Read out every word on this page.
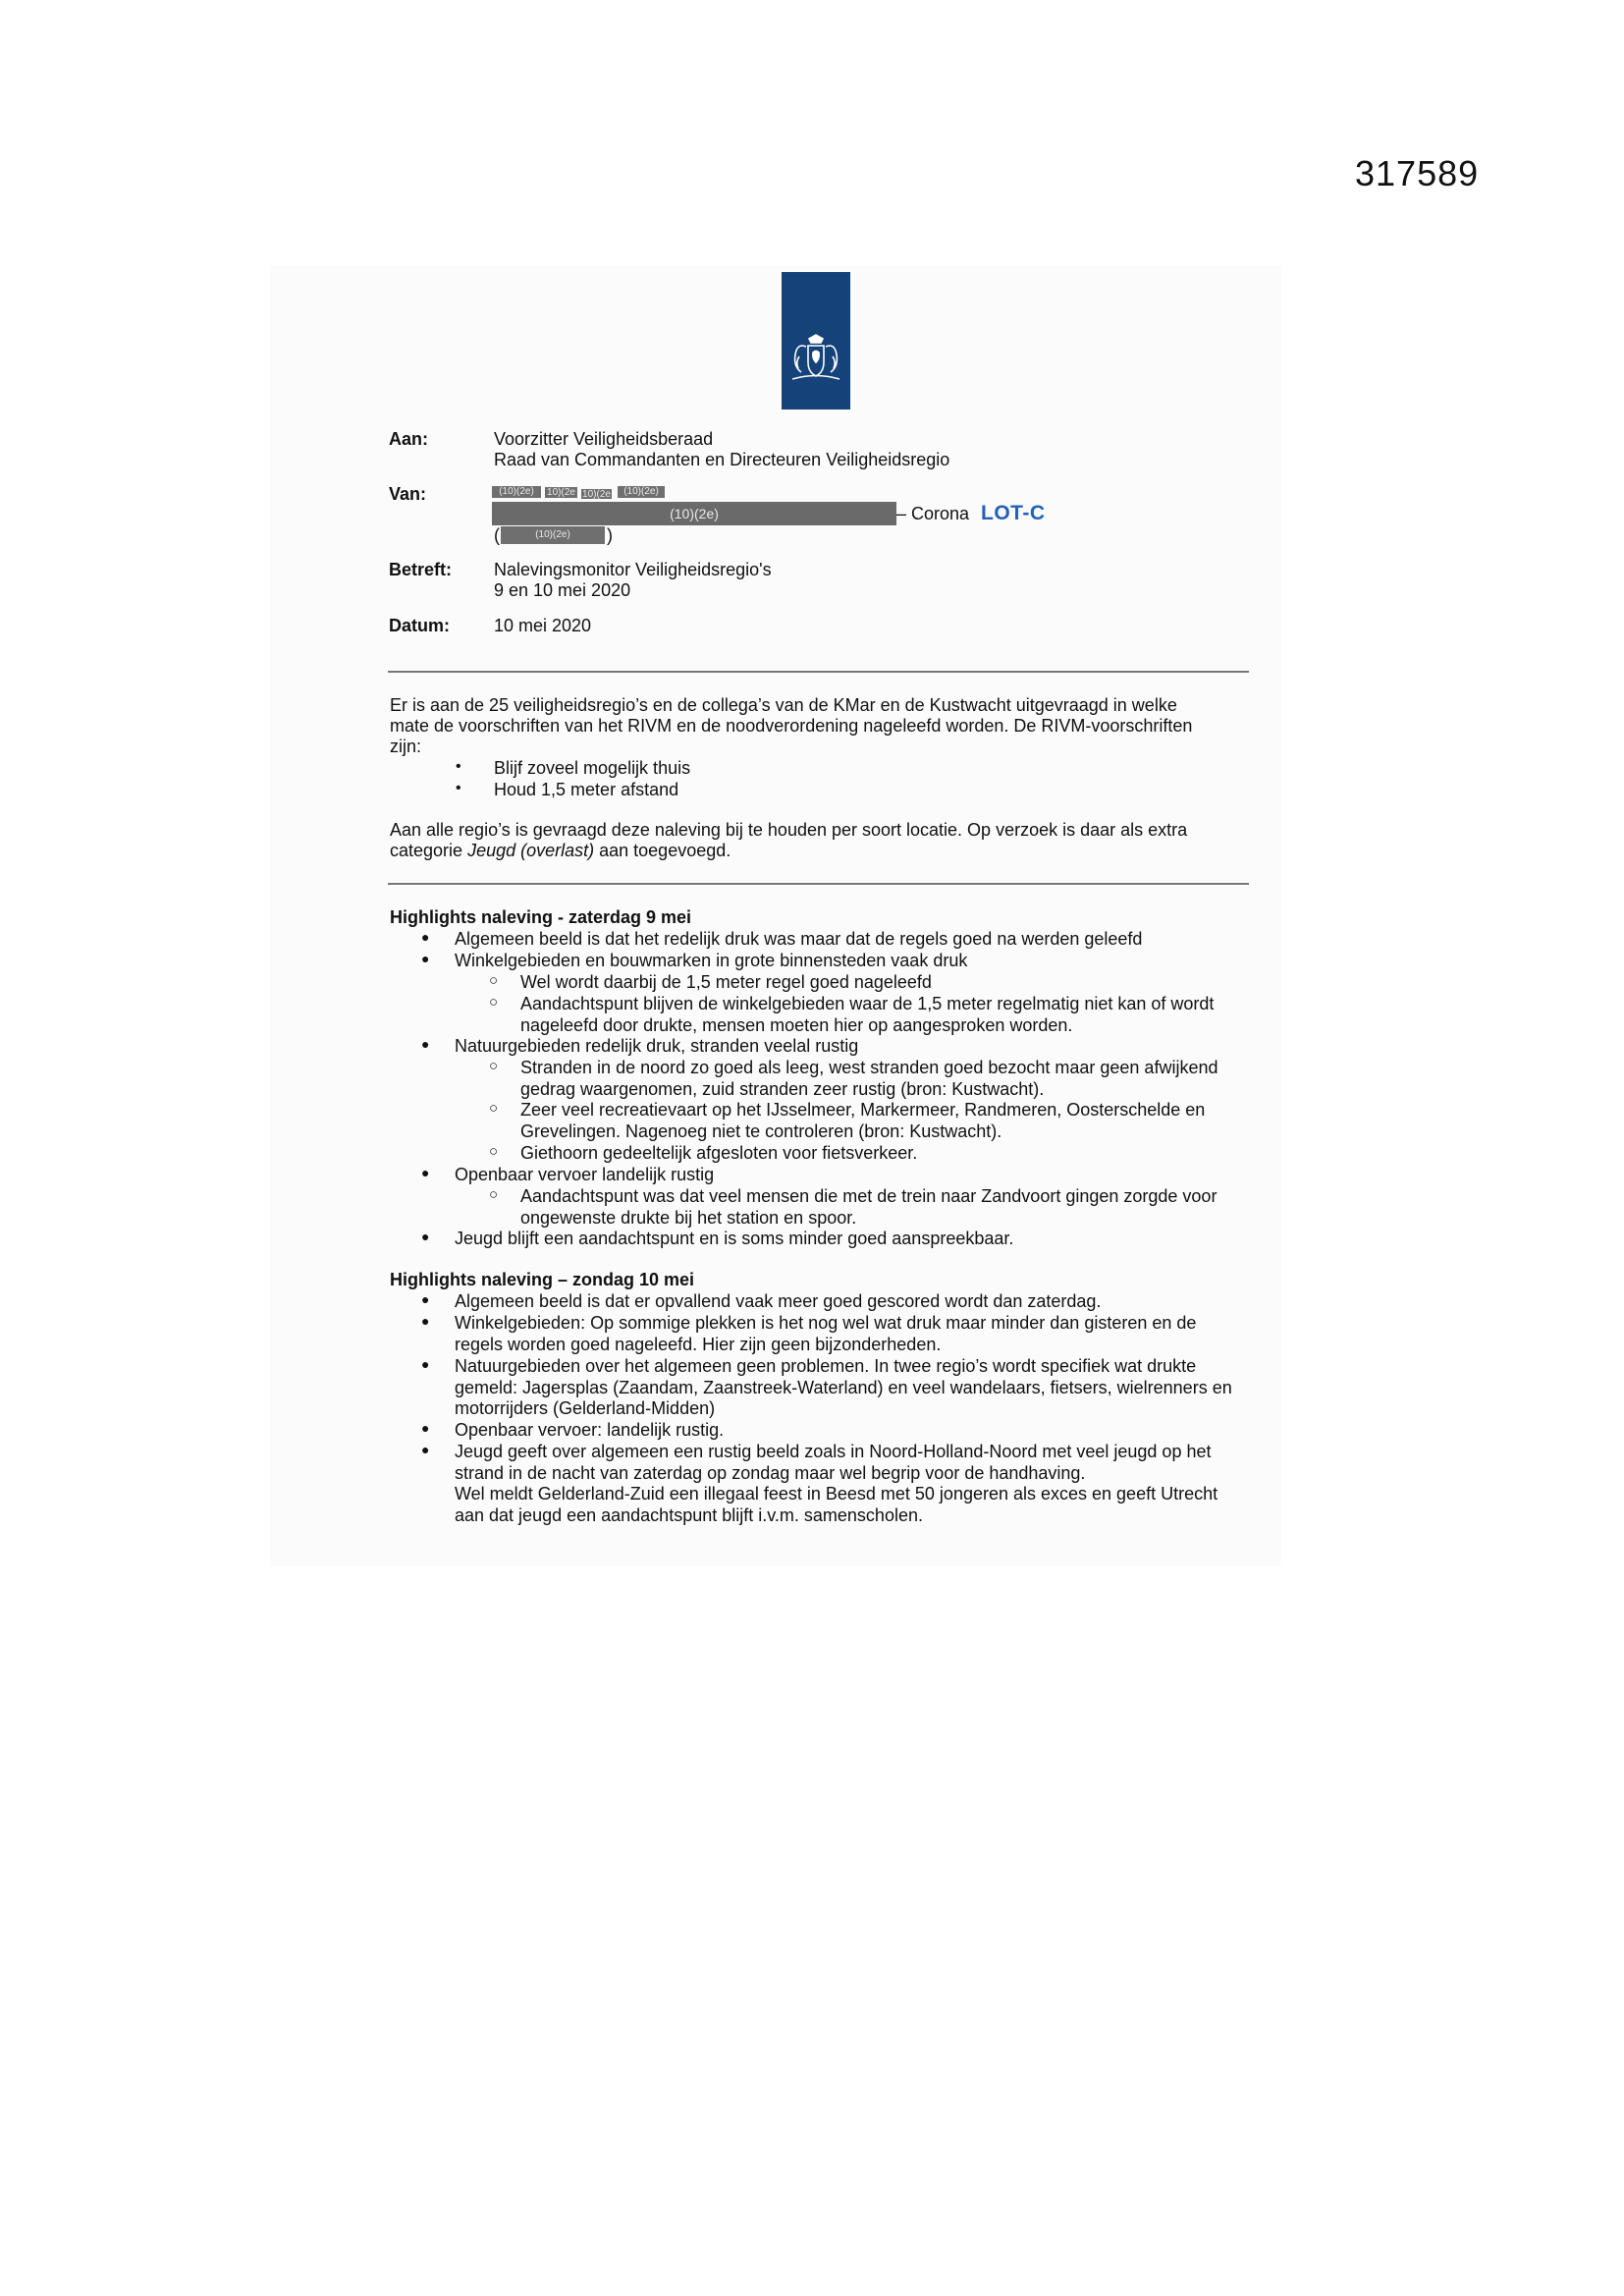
317589
Aan:	Voorzitter Veiligheidsberaad
Raad van Commandanten en Directeuren Veiligheidsregio
Van:	(10)(2e)	10)(2e 10)(2e	(10)(2e)
(10)(2e)	– Corona LOT-C
(	(10)(2e)	)
Betreft: Nalevingsmonitor Veiligheidsregio's
9 en 10 mei 2020
Datum:	10 mei 2020
Er is aan de 25 veiligheidsregio’s en de collega’s van de KMar en de Kustwacht uitgevraagd in welke
mate de voorschriften van het RIVM en de noodverordening nageleefd worden. De RIVM-voorschriften
zijn:
• Blijf zoveel mogelijk thuis
• Houd 1,5 meter afstand
Aan alle regio’s is gevraagd deze naleving bij te houden per soort locatie. Op verzoek is daar als extra
categorie Jeugd (overlast) aan toegevoegd.
Highlights naleving - zaterdag 9 mei
● Algemeen beeld is dat het redelijk druk was maar dat de regels goed na werden geleefd
● Winkelgebieden en bouwmarken in grote binnensteden vaak druk
○ Wel wordt daarbij de 1,5 meter regel goed nageleefd
○ Aandachtspunt blijven de winkelgebieden waar de 1,5 meter regelmatig niet kan of wordt nageleefd door drukte, mensen moeten hier op aangesproken worden.
● Natuurgebieden redelijk druk, stranden veelal rustig
○ Stranden in de noord zo goed als leeg, west stranden goed bezocht maar geen afwijkend gedrag waargenomen, zuid stranden zeer rustig (bron: Kustwacht).
○ Zeer veel recreatievaart op het IJsselmeer, Markermeer, Randmeren, Oosterschelde en Grevelingen. Nagenoeg niet te controleren (bron: Kustwacht).
○ Giethoorn gedeeltelijk afgesloten voor fietsverkeer.
● Openbaar vervoer landelijk rustig
○ Aandachtspunt was dat veel mensen die met de trein naar Zandvoort gingen zorgde voor ongewenste drukte bij het station en spoor.
● Jeugd blijft een aandachtspunt en is soms minder goed aanspreekbaar.
Highlights naleving – zondag 10 mei
● Algemeen beeld is dat er opvallend vaak meer goed gescored wordt dan zaterdag.
● Winkelgebieden: Op sommige plekken is het nog wel wat druk maar minder dan gisteren en de regels worden goed nageleefd. Hier zijn geen bijzonderheden.
● Natuurgebieden over het algemeen geen problemen. In twee regio’s wordt specifiek wat drukte gemeld: Jagersplas (Zaandam, Zaanstreek-Waterland) en veel wandelaars, fietsers, wielrenners en motorrijders (Gelderland-Midden)
● Openbaar vervoer: landelijk rustig.
● Jeugd geeft over algemeen een rustig beeld zoals in Noord-Holland-Noord met veel jeugd op het strand in de nacht van zaterdag op zondag maar wel begrip voor de handhaving.
Wel meldt Gelderland-Zuid een illegaal feest in Beesd met 50 jongeren als exces en geeft Utrecht aan dat jeugd een aandachtspunt blijft i.v.m. samenscholen.
